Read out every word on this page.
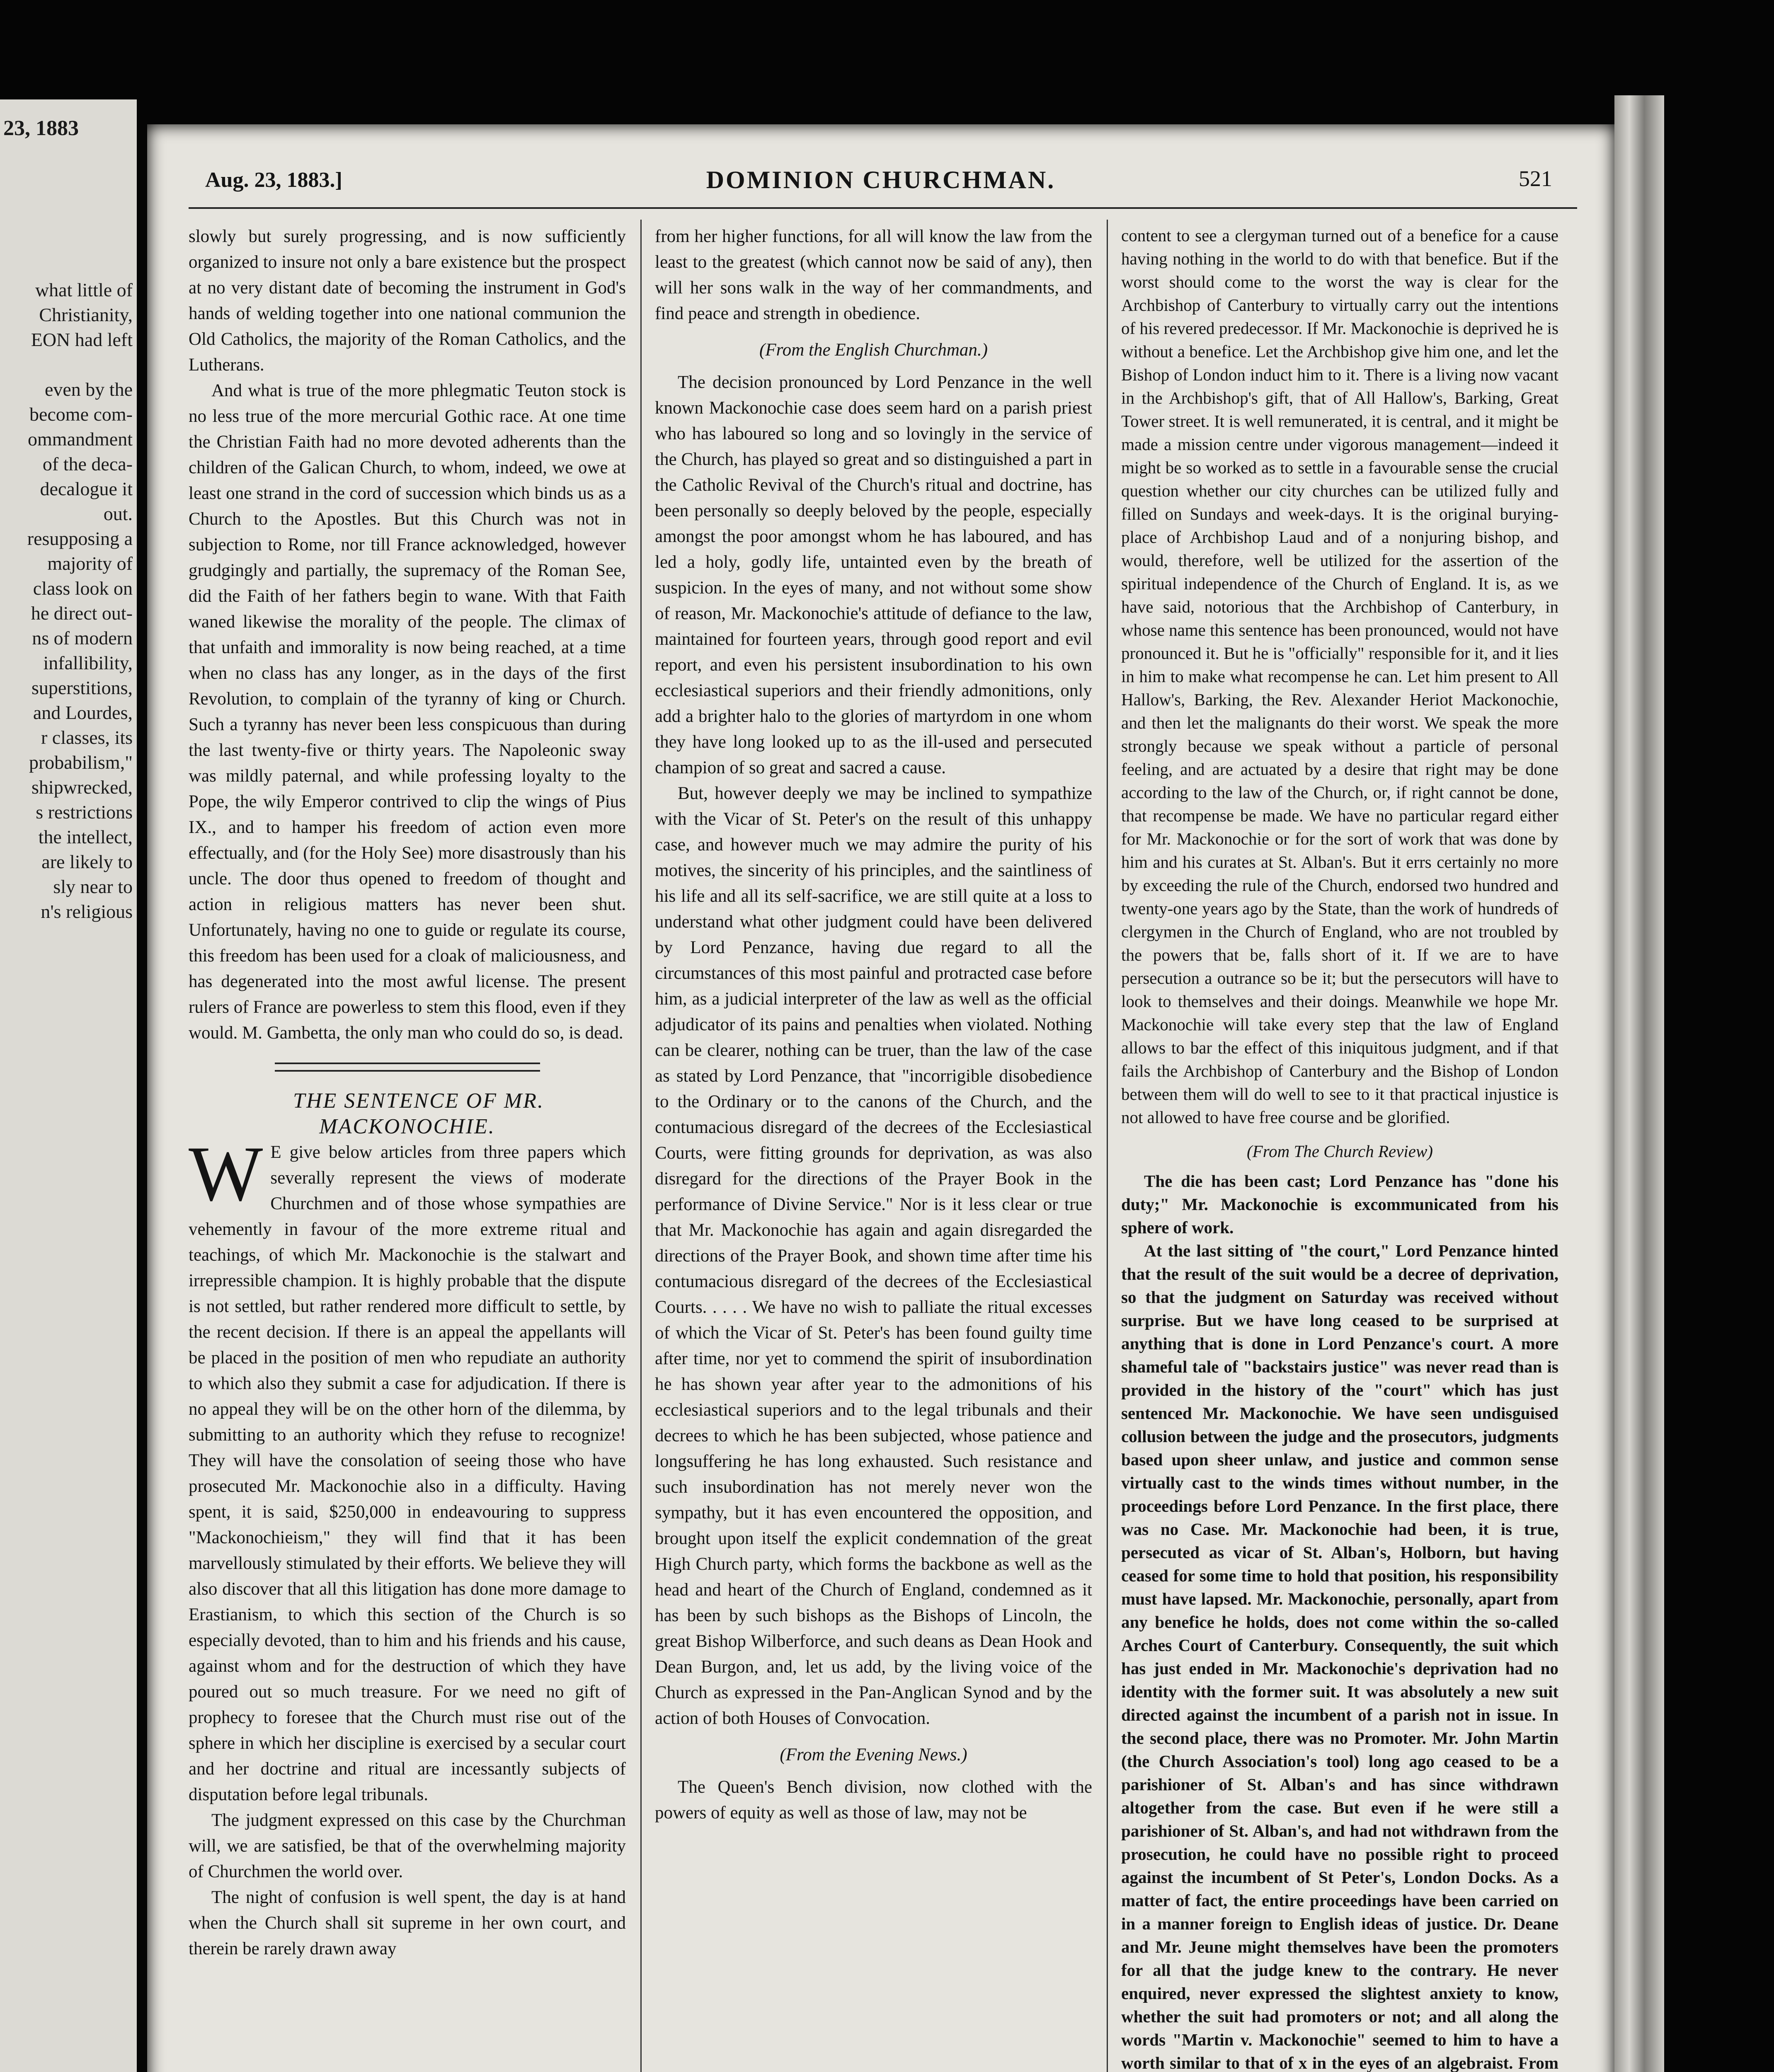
23, 1883
what little of
Christianity,
EON had left
even by the
become com-
ommandment
of the deca-
decalogue it
out.
resupposing a
majority of
class look on
he direct out-
ns of modern
infallibility,
superstitions,
and Lourdes,
r classes, its
probabilism,"
shipwrecked,
s restrictions
the intellect,
are likely to
sly near to
n's religious
Aug. 23, 1883.]	DOMINION CHURCHMAN.	521

slowly but surely progressing, and is now sufficiently organized to insure not only a bare existence but the prospect at no very distant date of becoming the instrument in God's hands of welding together into one national communion the Old Catholics, the majority of the Roman Catholics, and the Lutherans.

And what is true of the more phlegmatic Teuton stock is no less true of the more mercurial Gothic race. At one time the Christian Faith had no more devoted adherents than the children of the Galican Church, to whom, indeed, we owe at least one strand in the cord of succession which binds us as a Church to the Apostles. But this Church was not in subjection to Rome, nor till France acknowledged, however grudgingly and partially, the supremacy of the Roman See, did the Faith of her fathers begin to wane. With that Faith waned likewise the morality of the people. The climax of that unfaith and immorality is now being reached, at a time when no class has any longer, as in the days of the first Revolution, to complain of the tyranny of king or Church. Such a tyranny has never been less conspicuous than during the last twenty-five or thirty years. The Napoleonic sway was mildly paternal, and while professing loyalty to the Pope, the wily Emperor contrived to clip the wings of Pius IX., and to hamper his freedom of action even more effectually, and (for the Holy See) more disastrously than his uncle. The door thus opened to freedom of thought and action in religious matters has never been shut. Unfortunately, having no one to guide or regulate its course, this freedom has been used for a cloak of maliciousness, and has degenerated into the most awful license. The present rulers of France are powerless to stem this flood, even if they would. M. Gambetta, the only man who could do so, is dead.

THE SENTENCE OF MR. MACKONOCHIE.

W E give below articles from three papers which severally represent the views of moderate Churchmen and of those whose sympathies are vehemently in favour of the more extreme ritual and teachings, of which Mr. Mackonochie is the stalwart and irrepressible champion. It is highly probable that the dispute is not settled, but rather rendered more difficult to settle, by the recent decision. If there is an appeal the appellants will be placed in the position of men who repudiate an authority to which also they submit a case for adjudication. If there is no appeal they will be on the other horn of the dilemma, by submitting to an authority which they refuse to recognize! They will have the consolation of seeing those who have prosecuted Mr. Mackonochie also in a difficulty. Having spent, it is said, $250,000 in endeavouring to suppress "Mackonochieism," they will find that it has been marvellously stimulated by their efforts. We believe they will also discover that all this litigation has done more damage to Erastianism, to which this section of the Church is so especially devoted, than to him and his friends and his cause, against whom and for the destruction of which they have poured out so much treasure. For we need no gift of prophecy to foresee that the Church must rise out of the sphere in which her discipline is exercised by a secular court and her doctrine and ritual are incessantly subjects of disputation before legal tribunals.

The judgment expressed on this case by the Churchman will, we are satisfied, be that of the overwhelming majority of Churchmen the world over.

The night of confusion is well spent, the day is at hand when the Church shall sit supreme in her own court, and therein be rarely drawn away

from her higher functions, for all will know the law from the least to the greatest (which cannot now be said of any), then will her sons walk in the way of her commandments, and find peace and strength in obedience.

(From the English Churchman.)

The decision pronounced by Lord Penzance in the well known Mackonochie case does seem hard on a parish priest who has laboured so long and so lovingly in the service of the Church, has played so great and so distinguished a part in the Catholic Revival of the Church's ritual and doctrine, has been personally so deeply beloved by the people, especially amongst the poor amongst whom he has laboured, and has led a holy, godly life, untainted even by the breath of suspicion. In the eyes of many, and not without some show of reason, Mr. Mackonochie's attitude of defiance to the law, maintained for fourteen years, through good report and evil report, and even his persistent insubordination to his own ecclesiastical superiors and their friendly admonitions, only add a brighter halo to the glories of martyrdom in one whom they have long looked up to as the ill-used and persecuted champion of so great and sacred a cause.

But, however deeply we may be inclined to sympathize with the Vicar of St. Peter's on the result of this unhappy case, and however much we may admire the purity of his motives, the sincerity of his principles, and the saintliness of his life and all its self-sacrifice, we are still quite at a loss to understand what other judgment could have been delivered by Lord Penzance, having due regard to all the circumstances of this most painful and protracted case before him, as a judicial interpreter of the law as well as the official adjudicator of its pains and penalties when violated. Nothing can be clearer, nothing can be truer, than the law of the case as stated by Lord Penzance, that "incorrigible disobedience to the Ordinary or to the canons of the Church, and the contumacious disregard of the decrees of the Ecclesiastical Courts, were fitting grounds for deprivation, as was also disregard for the directions of the Prayer Book in the performance of Divine Service." Nor is it less clear or true that Mr. Mackonochie has again and again disregarded the directions of the Prayer Book, and shown time after time his contumacious disregard of the decrees of the Ecclesiastical Courts. . . . . We have no wish to palliate the ritual excesses of which the Vicar of St. Peter's has been found guilty time after time, nor yet to commend the spirit of insubordination he has shown year after year to the admonitions of his ecclesiastical superiors and to the legal tribunals and their decrees to which he has been subjected, whose patience and longsuffering he has long exhausted. Such resistance and such insubordination has not merely never won the sympathy, but it has even encountered the opposition, and brought upon itself the explicit condemnation of the great High Church party, which forms the backbone as well as the head and heart of the Church of England, condemned as it has been by such bishops as the Bishops of Lincoln, the great Bishop Wilberforce, and such deans as Dean Hook and Dean Burgon, and, let us add, by the living voice of the Church as expressed in the Pan-Anglican Synod and by the action of both Houses of Convocation.

(From the Evening News.)

The Queen's Bench division, now clothed with the powers of equity as well as those of law, may not be

content to see a clergyman turned out of a benefice for a cause having nothing in the world to do with that benefice. But if the worst should come to the worst the way is clear for the Archbishop of Canterbury to virtually carry out the intentions of his revered predecessor. If Mr. Mackonochie is deprived he is without a benefice. Let the Archbishop give him one, and let the Bishop of London induct him to it. There is a living now vacant in the Archbishop's gift, that of All Hallow's, Barking, Great Tower street. It is well remunerated, it is central, and it might be made a mission centre under vigorous management—indeed it might be so worked as to settle in a favourable sense the crucial question whether our city churches can be utilized fully and filled on Sundays and week-days. It is the original burying-place of Archbishop Laud and of a nonjuring bishop, and would, therefore, well be utilized for the assertion of the spiritual independence of the Church of England. It is, as we have said, notorious that the Archbishop of Canterbury, in whose name this sentence has been pronounced, would not have pronounced it. But he is "officially" responsible for it, and it lies in him to make what recompense he can. Let him present to All Hallow's, Barking, the Rev. Alexander Heriot Mackonochie, and then let the malignants do their worst. We speak the more strongly because we speak without a particle of personal feeling, and are actuated by a desire that right may be done according to the law of the Church, or, if right cannot be done, that recompense be made. We have no particular regard either for Mr. Mackonochie or for the sort of work that was done by him and his curates at St. Alban's. But it errs certainly no more by exceeding the rule of the Church, endorsed two hundred and twenty-one years ago by the State, than the work of hundreds of clergymen in the Church of England, who are not troubled by the powers that be, falls short of it. If we are to have persecution a outrance so be it; but the persecutors will have to look to themselves and their doings. Meanwhile we hope Mr. Mackonochie will take every step that the law of England allows to bar the effect of this iniquitous judgment, and if that fails the Archbishop of Canterbury and the Bishop of London between them will do well to see to it that practical injustice is not allowed to have free course and be glorified.

(From The Church Review)

The die has been cast; Lord Penzance has "done his duty;" Mr. Mackonochie is excommunicated from his sphere of work.

At the last sitting of "the court," Lord Penzance hinted that the result of the suit would be a decree of deprivation, so that the judgment on Saturday was received without surprise. But we have long ceased to be surprised at anything that is done in Lord Penzance's court. A more shameful tale of "backstairs justice" was never read than is provided in the history of the "court" which has just sentenced Mr. Mackonochie. We have seen undisguised collusion between the judge and the prosecutors, judgments based upon sheer unlaw, and justice and common sense virtually cast to the winds times without number, in the proceedings before Lord Penzance. In the first place, there was no Case. Mr. Mackonochie had been, it is true, persecuted as vicar of St. Alban's, Holborn, but having ceased for some time to hold that position, his responsibility must have lapsed. Mr. Mackonochie, personally, apart from any benefice he holds, does not come within the so-called Arches Court of Canterbury. Consequently, the suit which has just ended in Mr. Mackonochie's deprivation had no identity with the former suit. It was absolutely a new suit directed against the incumbent of a parish not in issue. In the second place, there was no Promoter. Mr. John Martin (the Church Association's tool) long ago ceased to be a parishioner of St. Alban's and has since withdrawn altogether from the case. But even if he were still a parishioner of St. Alban's, and had not withdrawn from the prosecution, he could have no possible right to proceed against the incumbent of St Peter's, London Docks. As a matter of fact, the entire proceedings have been carried on in a manner foreign to English ideas of justice. Dr. Deane and Mr. Jeune might themselves have been the promoters for all that the judge knew to the contrary. He never enquired, never expressed the slightest anxiety to know, whether the suit had promoters or not; and all along the words "Martin v. Mackonochie" seemed to him to have a worth similar to that of x in the eyes of an algebraist. From
